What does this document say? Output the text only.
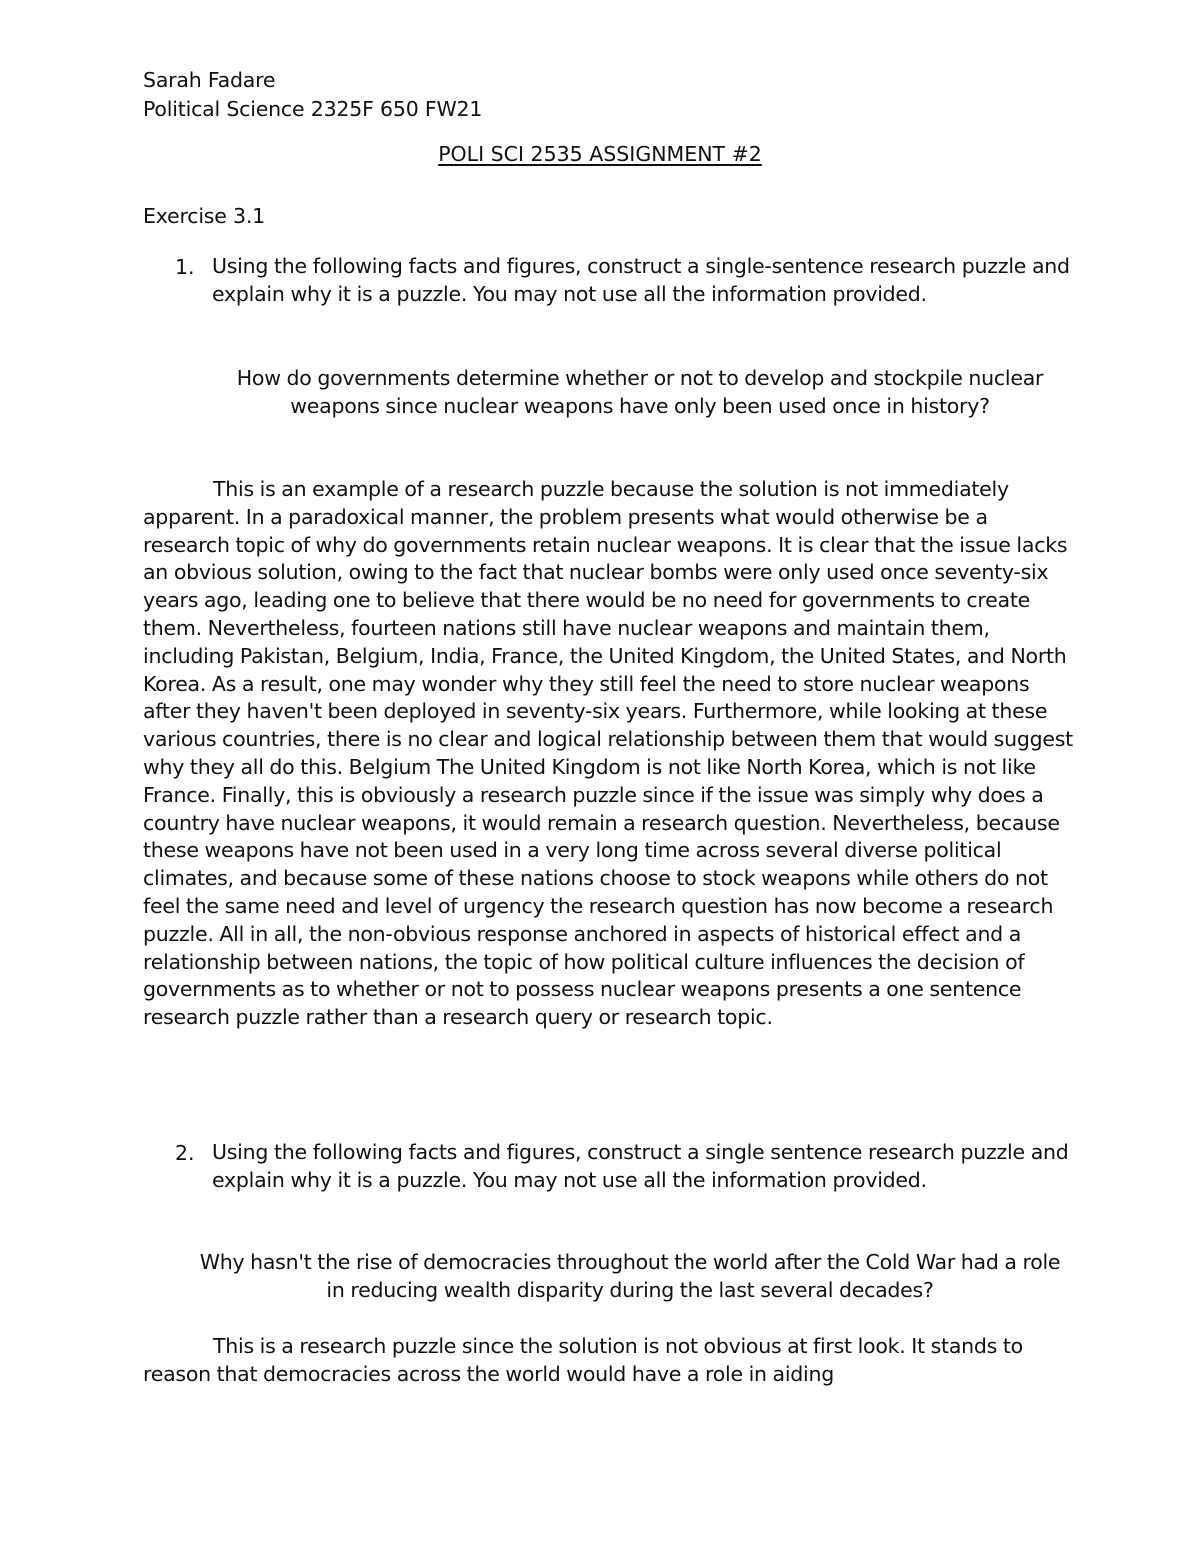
Sarah Fadare
Political Science 2325F 650 FW21
POLI SCI 2535 ASSIGNMENT #2
Exercise 3.1
1. Using the following facts and figures, construct a single-sentence research puzzle and explain why it is a puzzle. You may not use all the information provided.
How do governments determine whether or not to develop and stockpile nuclear weapons since nuclear weapons have only been used once in history?
This is an example of a research puzzle because the solution is not immediately apparent. In a paradoxical manner, the problem presents what would otherwise be a research topic of why do governments retain nuclear weapons. It is clear that the issue lacks an obvious solution, owing to the fact that nuclear bombs were only used once seventy-six years ago, leading one to believe that there would be no need for governments to create them. Nevertheless, fourteen nations still have nuclear weapons and maintain them, including Pakistan, Belgium, India, France, the United Kingdom, the United States, and North Korea. As a result, one may wonder why they still feel the need to store nuclear weapons after they haven't been deployed in seventy-six years. Furthermore, while looking at these various countries, there is no clear and logical relationship between them that would suggest why they all do this. Belgium The United Kingdom is not like North Korea, which is not like France. Finally, this is obviously a research puzzle since if the issue was simply why does a country have nuclear weapons, it would remain a research question. Nevertheless, because these weapons have not been used in a very long time across several diverse political climates, and because some of these nations choose to stock weapons while others do not feel the same need and level of urgency the research question has now become a research puzzle. All in all, the non-obvious response anchored in aspects of historical effect and a relationship between nations, the topic of how political culture influences the decision of governments as to whether or not to possess nuclear weapons presents a one sentence research puzzle rather than a research query or research topic.
2. Using the following facts and figures, construct a single sentence research puzzle and explain why it is a puzzle. You may not use all the information provided.
Why hasn't the rise of democracies throughout the world after the Cold War had a role in reducing wealth disparity during the last several decades?
This is a research puzzle since the solution is not obvious at first look. It stands to reason that democracies across the world would have a role in aiding
